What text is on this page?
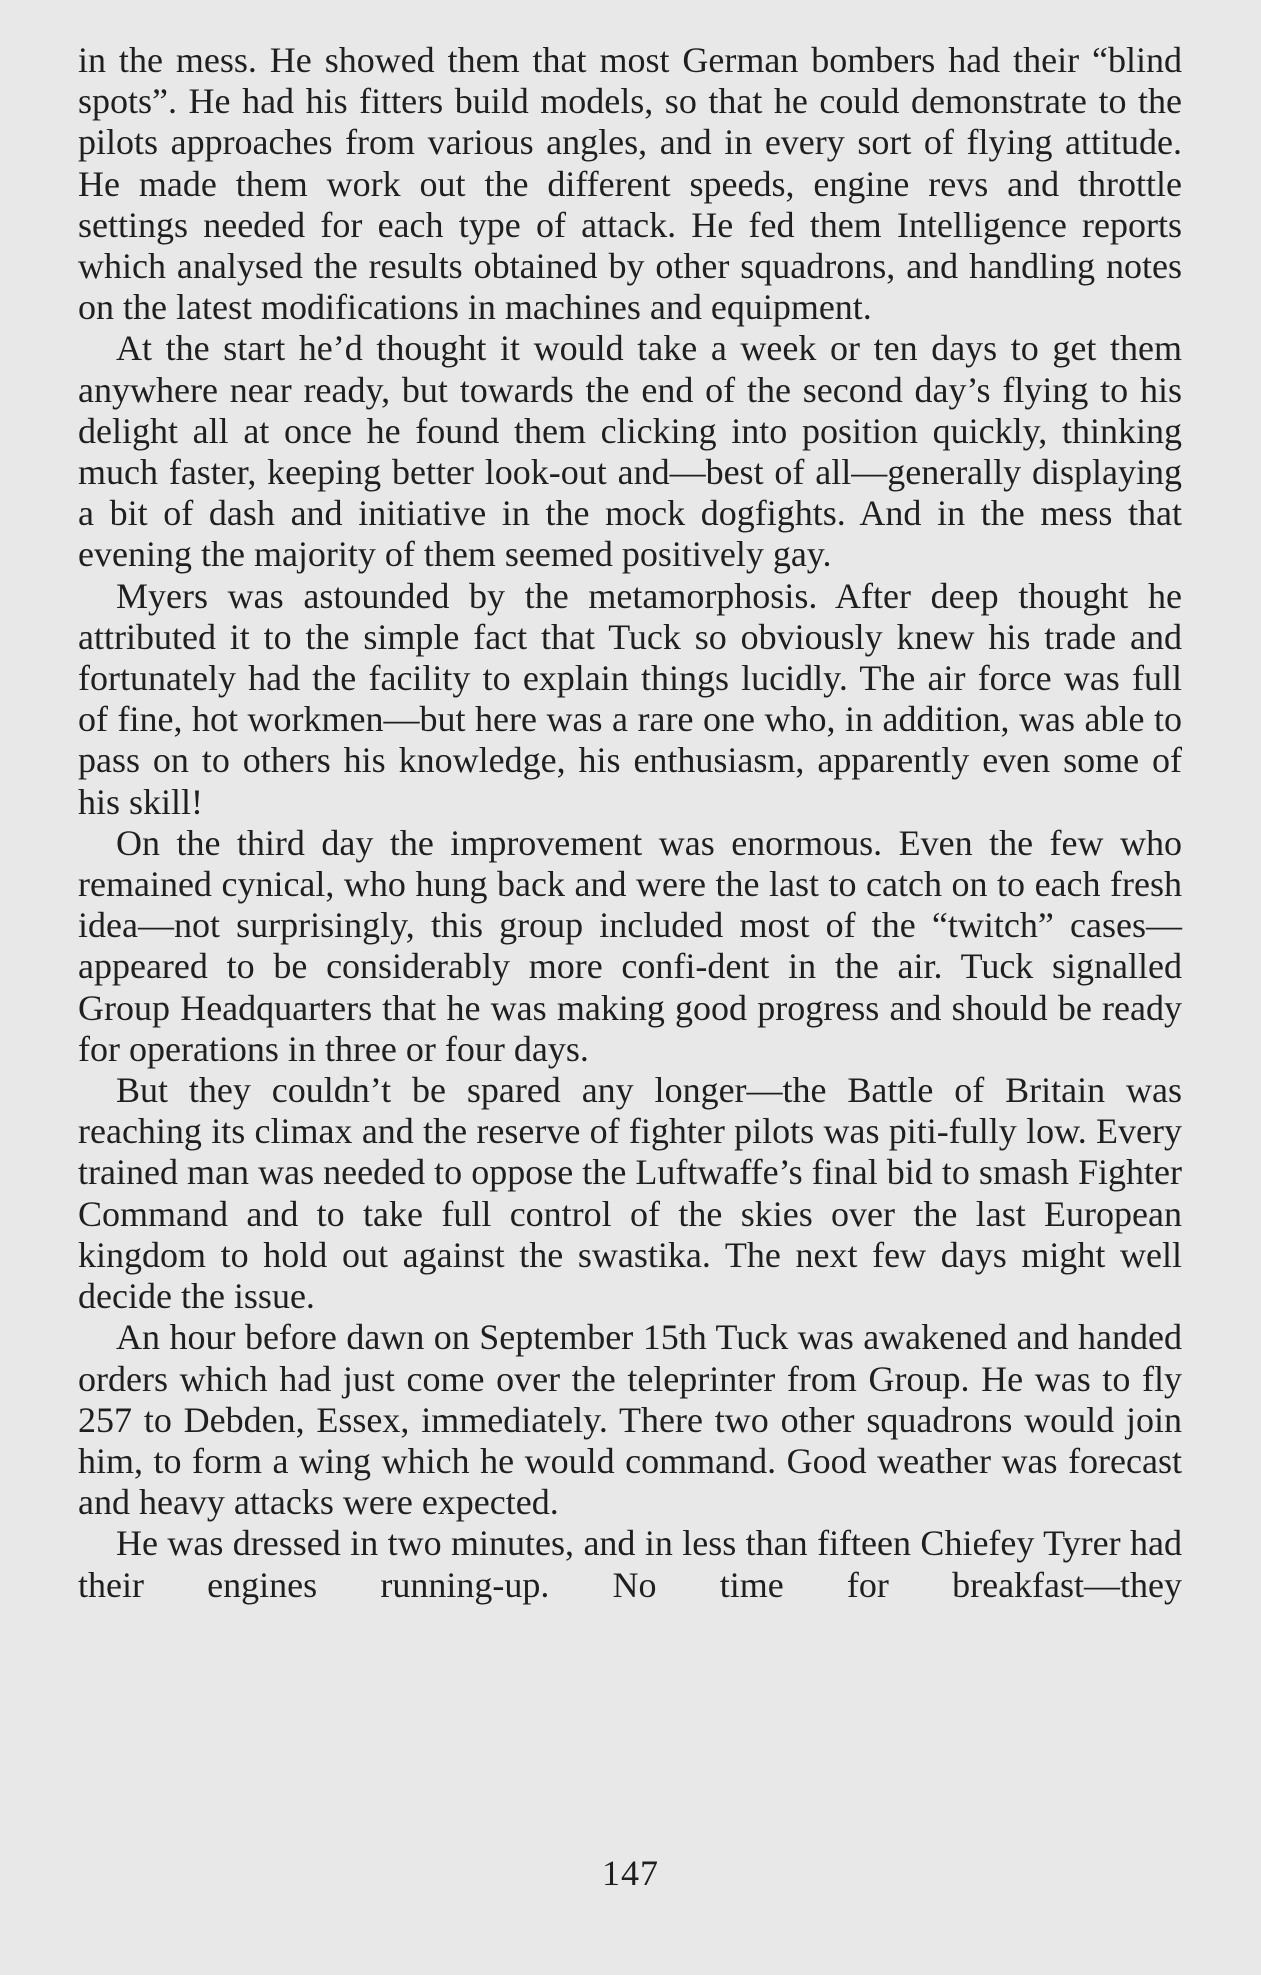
in the mess. He showed them that most German bombers had their “blind spots”. He had his fitters build models, so that he could demonstrate to the pilots approaches from various angles, and in every sort of flying attitude. He made them work out the different speeds, engine revs and throttle settings needed for each type of attack. He fed them Intelligence reports which analysed the results obtained by other squadrons, and handling notes on the latest modifications in machines and equipment.

At the start he’d thought it would take a week or ten days to get them anywhere near ready, but towards the end of the second day’s flying to his delight all at once he found them clicking into position quickly, thinking much faster, keeping better look-out and—best of all—generally displaying a bit of dash and initiative in the mock dogfights. And in the mess that evening the majority of them seemed positively gay.

Myers was astounded by the metamorphosis. After deep thought he attributed it to the simple fact that Tuck so obviously knew his trade and fortunately had the facility to explain things lucidly. The air force was full of fine, hot workmen—but here was a rare one who, in addition, was able to pass on to others his knowledge, his enthusiasm, apparently even some of his skill!

On the third day the improvement was enormous. Even the few who remained cynical, who hung back and were the last to catch on to each fresh idea—not surprisingly, this group included most of the “twitch” cases—appeared to be considerably more confi-dent in the air. Tuck signalled Group Headquarters that he was making good progress and should be ready for operations in three or four days.

But they couldn’t be spared any longer—the Battle of Britain was reaching its climax and the reserve of fighter pilots was piti-fully low. Every trained man was needed to oppose the Luftwaffe’s final bid to smash Fighter Command and to take full control of the skies over the last European kingdom to hold out against the swastika. The next few days might well decide the issue.

An hour before dawn on September 15th Tuck was awakened and handed orders which had just come over the teleprinter from Group. He was to fly 257 to Debden, Essex, immediately. There two other squadrons would join him, to form a wing which he would command. Good weather was forecast and heavy attacks were expected.

He was dressed in two minutes, and in less than fifteen Chiefey Tyrer had their engines running-up. No time for breakfast—they

147
